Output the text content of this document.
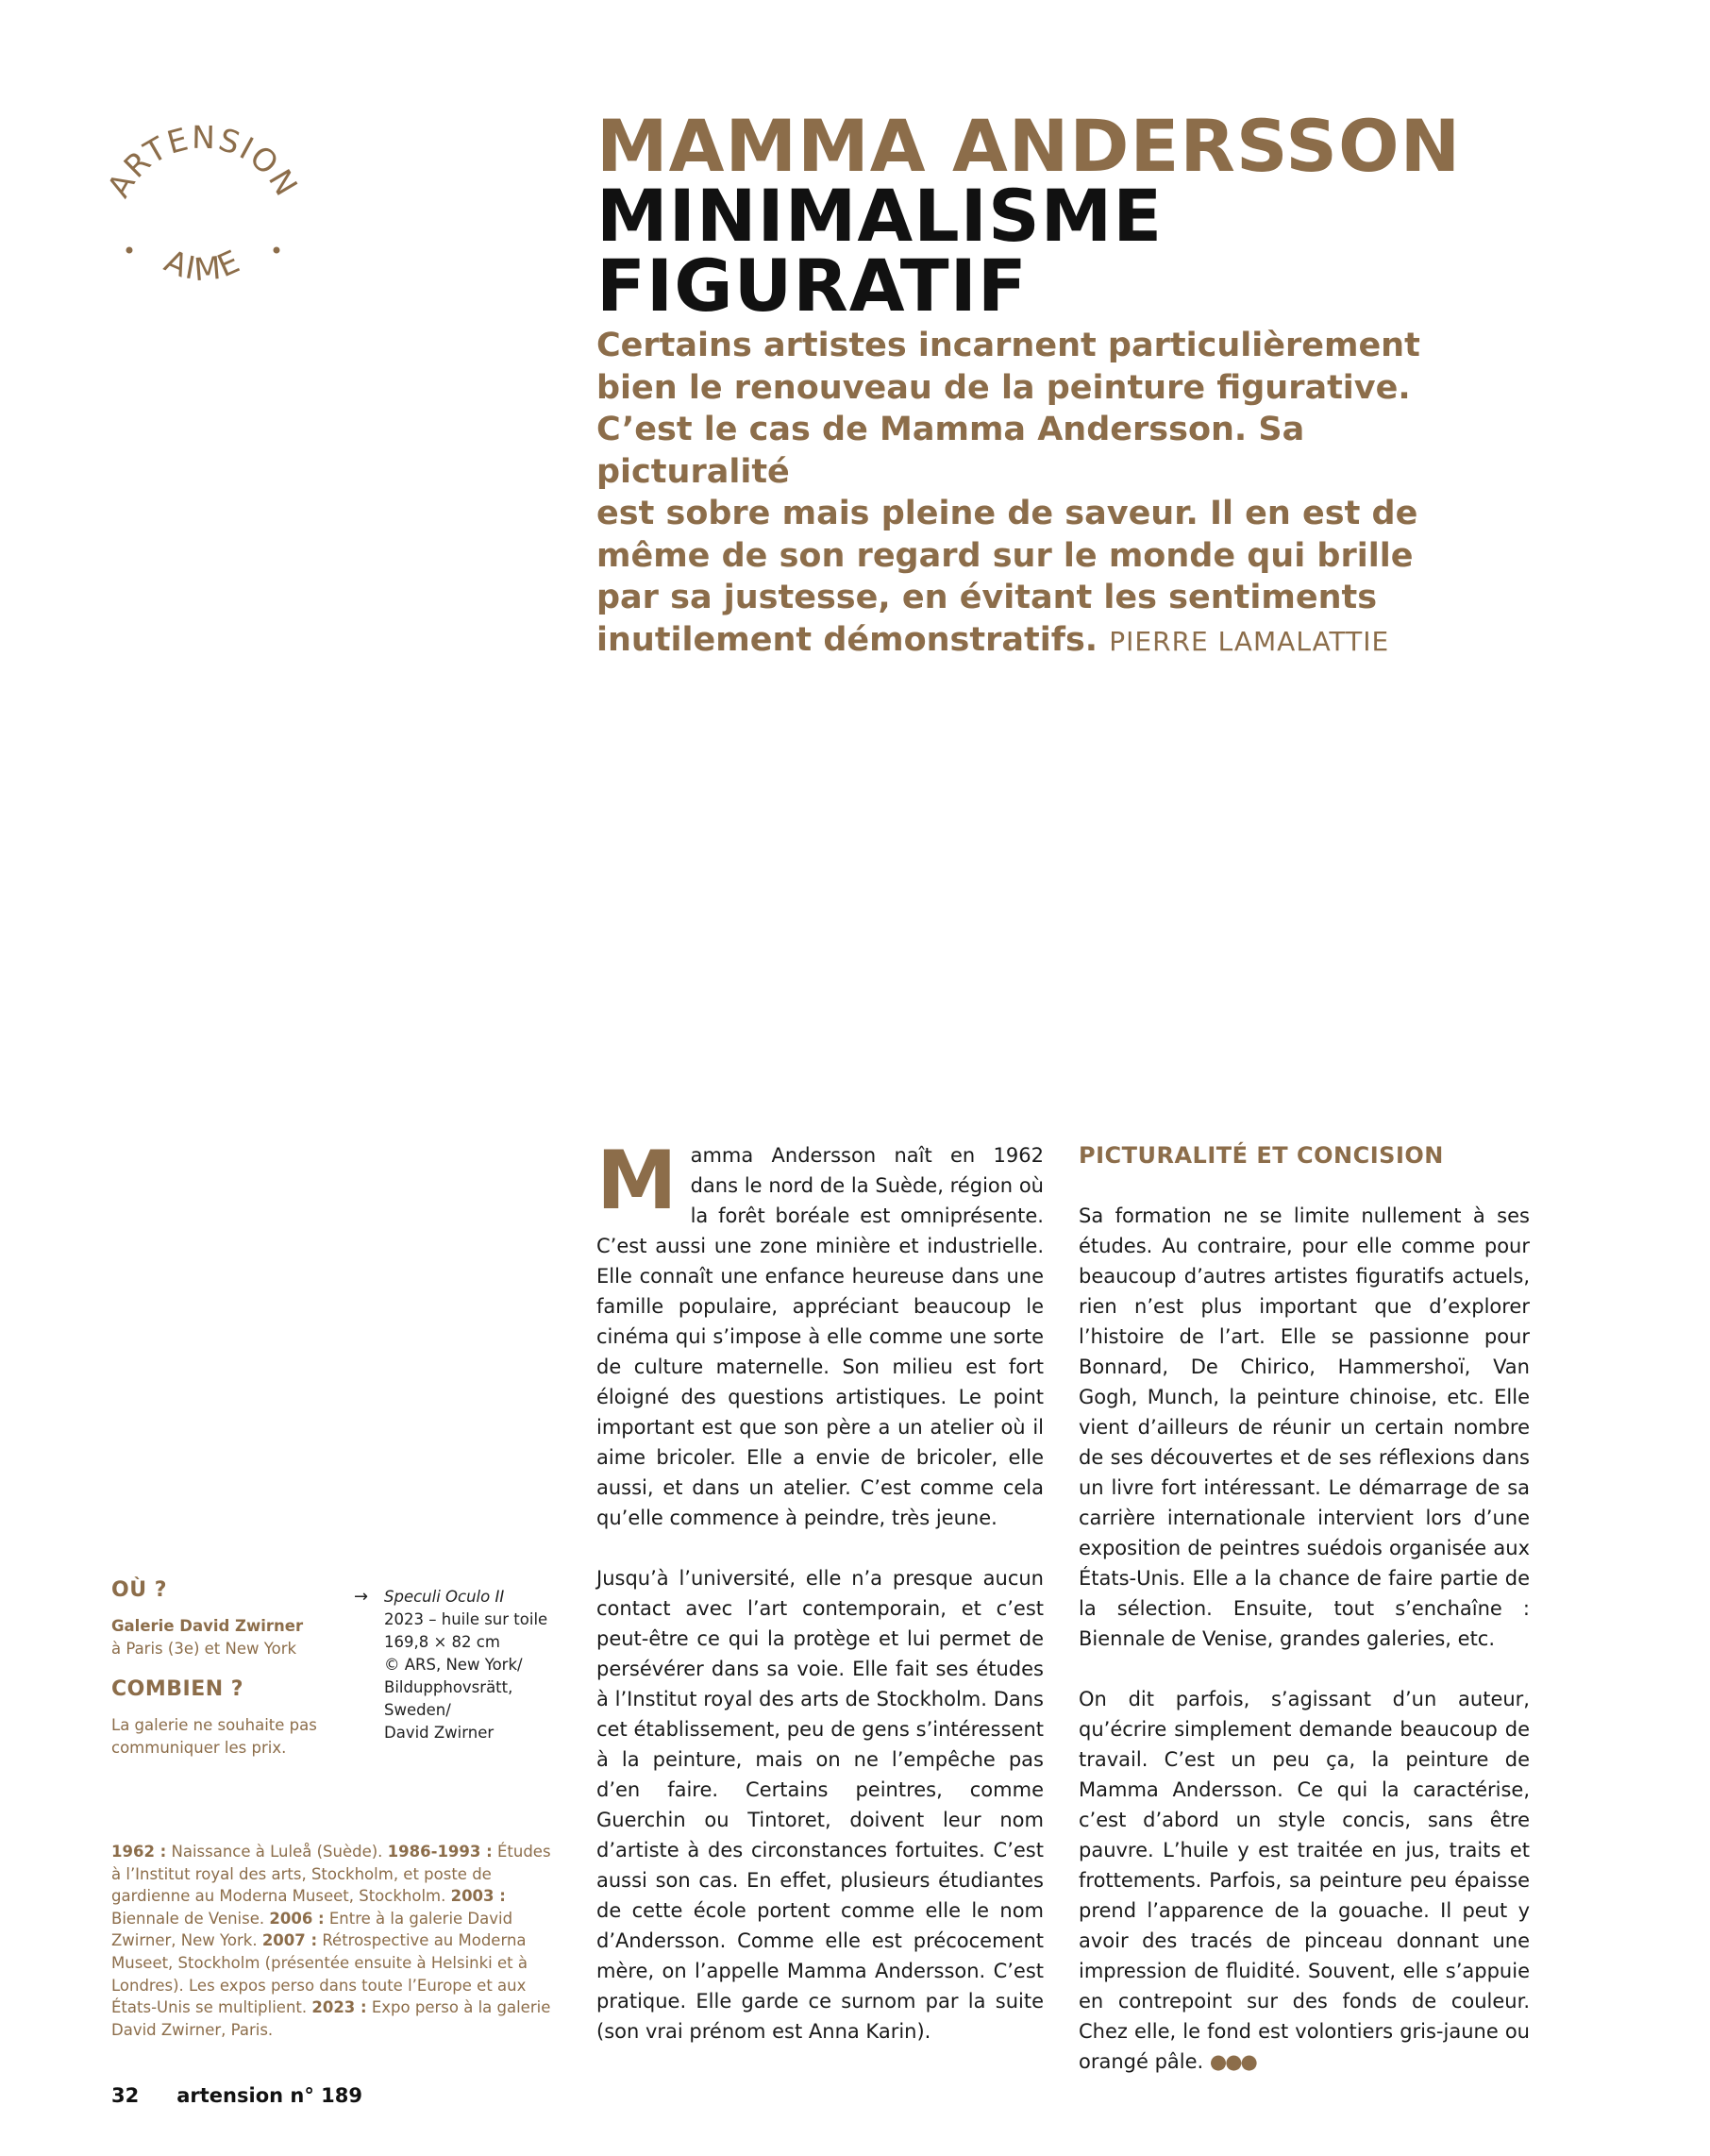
ARTENSION
AIME
MAMMA ANDERSSON
MINIMALISME
FIGURATIF
Certains artistes incarnent particulièrement
bien le renouveau de la peinture figurative.
C’est le cas de Mamma Andersson. Sa picturalité
est sobre mais pleine de saveur. Il en est de
même de son regard sur le monde qui brille
par sa justesse, en évitant les sentiments
inutilement démonstratifs. PIERRE LAMALATTIE

Mamma Andersson naît en 1962 dans le nord de la Suède, région où la forêt boréale est omniprésente. C’est aussi une zone minière et industrielle. Elle connaît une enfance heureuse dans une famille populaire, appréciant beaucoup le cinéma qui s’impose à elle comme une sorte de culture maternelle. Son milieu est fort éloigné des questions artistiques. Le point important est que son père a un atelier où il aime bricoler. Elle a envie de bricoler, elle aussi, et dans un atelier. C’est comme cela qu’elle commence à peindre, très jeune.

Jusqu’à l’université, elle n’a presque aucun contact avec l’art contemporain, et c’est peut-être ce qui la protège et lui permet de persévérer dans sa voie. Elle fait ses études à l’Institut royal des arts de Stockholm. Dans cet établissement, peu de gens s’intéressent à la peinture, mais on ne l’empêche pas d’en faire. Certains peintres, comme Guerchin ou Tintoret, doivent leur nom d’artiste à des circonstances fortuites. C’est aussi son cas. En effet, plusieurs étudiantes de cette école portent comme elle le nom d’Andersson. Comme elle est précocement mère, on l’appelle Mamma Andersson. C’est pratique. Elle garde ce surnom par la suite (son vrai prénom est Anna Karin).

PICTURALITÉ ET CONCISION

Sa formation ne se limite nullement à ses études. Au contraire, pour elle comme pour beaucoup d’autres artistes figuratifs actuels, rien n’est plus important que d’explorer l’histoire de l’art. Elle se passionne pour Bonnard, De Chirico, Hammershoï, Van Gogh, Munch, la peinture chinoise, etc. Elle vient d’ailleurs de réunir un certain nombre de ses découvertes et de ses réflexions dans un livre fort intéressant. Le démarrage de sa carrière internationale intervient lors d’une exposition de peintres suédois organisée aux États-Unis. Elle a la chance de faire partie de la sélection. Ensuite, tout s’enchaîne : Biennale de Venise, grandes galeries, etc.

On dit parfois, s’agissant d’un auteur, qu’écrire simplement demande beaucoup de travail. C’est un peu ça, la peinture de Mamma Andersson. Ce qui la caractérise, c’est d’abord un style concis, sans être pauvre. L’huile y est traitée en jus, traits et frottements. Parfois, sa peinture peu épaisse prend l’apparence de la gouache. Il peut y avoir des tracés de pinceau donnant une impression de fluidité. Souvent, elle s’appuie en contrepoint sur des fonds de couleur. Chez elle, le fond est volontiers gris-jaune ou orangé pâle. ●●●

OÙ ?
Galerie David Zwirner
à Paris (3e) et New York
COMBIEN ?
La galerie ne souhaite pas communiquer les prix.
→ Speculi Oculo II
2023 – huile sur toile
169,8 × 82 cm
© ARS, New York/
Bildupphovsrätt,
Sweden/
David Zwirner
1962 : Naissance à Luleå (Suède). 1986-1993 : Études à l’Institut royal des arts, Stockholm, et poste de gardienne au Moderna Museet, Stockholm. 2003 : Biennale de Venise. 2006 : Entre à la galerie David Zwirner, New York. 2007 : Rétrospective au Moderna Museet, Stockholm (présentée ensuite à Helsinki et à Londres). Les expos perso dans toute l’Europe et aux États-Unis se multiplient. 2023 : Expo perso à la galerie David Zwirner, Paris.
32 artension n° 189
